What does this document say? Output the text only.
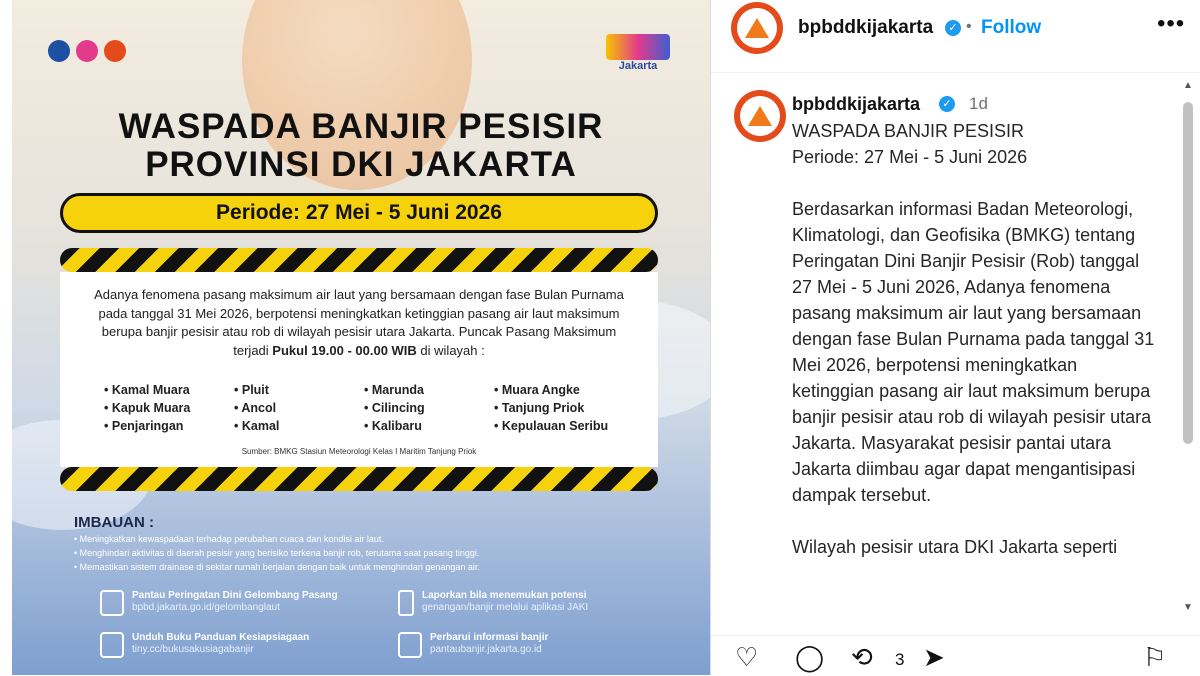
Jakarta
WASPADA BANJIR PESISIR
PROVINSI DKI JAKARTA
Periode: 27 Mei - 5 Juni 2026

Adanya fenomena pasang maksimum air laut yang bersamaan dengan fase Bulan Purnama pada tanggal 31 Mei 2026, berpotensi meningkatkan ketinggian pasang air laut maksimum berupa banjir pesisir atau rob di wilayah pesisir utara Jakarta. Puncak Pasang Maksimum terjadi Pukul 19.00 - 00.00 WIB di wilayah :

• Kamal Muara	• Pluit	• Marunda	• Muara Angke
• Kapuk Muara	• Ancol	• Cilincing	• Tanjung Priok
• Penjaringan	• Kamal	• Kalibaru	• Kepulauan Seribu
Sumber: BMKG Stasiun Meteorologi Kelas I Maritim Tanjung Priok
IMBAUAN :
• Meningkatkan kewaspadaan terhadap perubahan cuaca dan kondisi air laut.
• Menghindari aktivitas di daerah pesisir yang berisiko terkena banjir rob, terutama saat pasang tinggi.
• Memastikan sistem drainase di sekitar rumah berjalan dengan baik untuk menghindari genangan air.
Pantau Peringatan Dini Gelombang Pasang
bpbd.jakarta.go.id/gelombanglaut
Laporkan bila menemukan potensi
genangan/banjir melalui aplikasi JAKI
Unduh Buku Panduan Kesiapsiagaan
tiny.cc/bukusakusiagabanjir
Perbarui informasi banjir
pantaubanjir.jakarta.go.id
bpbddkijakarta	✓ • Follow	•••
bpbddkijakarta	✓ 1d

WASPADA BANJIR PESISIR
Periode: 27 Mei - 5 Juni 2026

Berdasarkan informasi Badan Meteorologi, Klimatologi, dan Geofisika (BMKG) tentang Peringatan Dini Banjir Pesisir (Rob) tanggal 27 Mei - 5 Juni 2026, Adanya fenomena pasang maksimum air laut yang bersamaan dengan fase Bulan Purnama pada tanggal 31 Mei 2026, berpotensi meningkatkan ketinggian pasang air laut maksimum berupa banjir pesisir atau rob di wilayah pesisir utara Jakarta. Masyarakat pesisir pantai utara Jakarta diimbau agar dapat mengantisipasi dampak tersebut.

Wilayah pesisir utara DKI Jakarta seperti

▲
▼
♡ ◯ ⟲ 3 ➤	⚐
